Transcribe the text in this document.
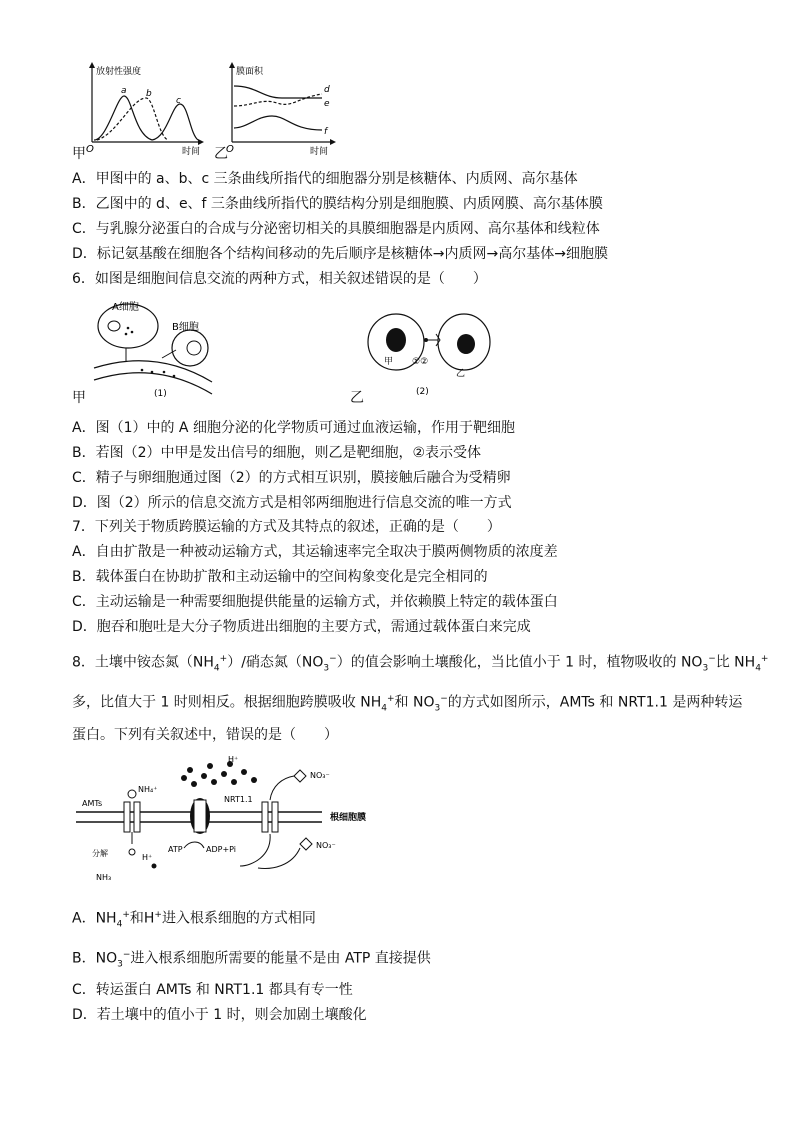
放射性强度
时间
O
a b
c
膜面积
时间
O
d
e
f
甲	乙
A．甲图中的 a、b、c 三条曲线所指代的细胞器分别是核糖体、内质网、高尔基体
B．乙图中的 d、e、f 三条曲线所指代的膜结构分别是细胞膜、内质网膜、高尔基体膜
C．与乳腺分泌蛋白的合成与分泌密切相关的具膜细胞器是内质网、高尔基体和线粒体
D．标记氨基酸在细胞各个结构间移动的先后顺序是核糖体→内质网→高尔基体→细胞膜
6．如图是细胞间信息交流的两种方式，相关叙述错误的是（　　）
A细胞
B细胞
(1)
甲
甲 ①②
乙
(2)
乙
A．图（1）中的 A 细胞分泌的化学物质可通过血液运输，作用于靶细胞
B．若图（2）中甲是发出信号的细胞，则乙是靶细胞，②表示受体
C．精子与卵细胞通过图（2）的方式相互识别，膜接触后融合为受精卵
D．图（2）所示的信息交流方式是相邻两细胞进行信息交流的唯一方式
7．下列关于物质跨膜运输的方式及其特点的叙述，正确的是（　　）
A．自由扩散是一种被动运输方式，其运输速率完全取决于膜两侧物质的浓度差
B．载体蛋白在协助扩散和主动运输中的空间构象变化是完全相同的
C．主动运输是一种需要细胞提供能量的运输方式，并依赖膜上特定的载体蛋白
D．胞吞和胞吐是大分子物质进出细胞的主要方式，需通过载体蛋白来完成
8．土壤中铵态氮$(NH_4^+)/$硝态氮$(NO_3^-)$的值会影响土壤酸化，当比值小于 1 时，植物吸收的 $NO_3^-$比 $NH_4^+$
多，比值大于 1 时则相反。根据细胞跨膜吸收 $NH_4^+$和 $NO_3^-$的方式如图所示，AMTs 和 NRT1.1 是两种转运
蛋白。下列有关叙述中，错误的是（　　）
根细胞膜
AMTs
NH₄⁺
分解	H⁺
NH₃
ATP	ADP+Pi
H⁺
NRT1.1
NO₃⁻
NO₃⁻
A．$NH_4^+$和H+进入根系细胞的方式相同
B．$NO_3^-$进入根系细胞所需要的能量不是由 ATP 直接提供
C．转运蛋白 AMTs 和 NRT1.1 都具有专一性
D．若土壤中的值小于 1 时，则会加剧土壤酸化
